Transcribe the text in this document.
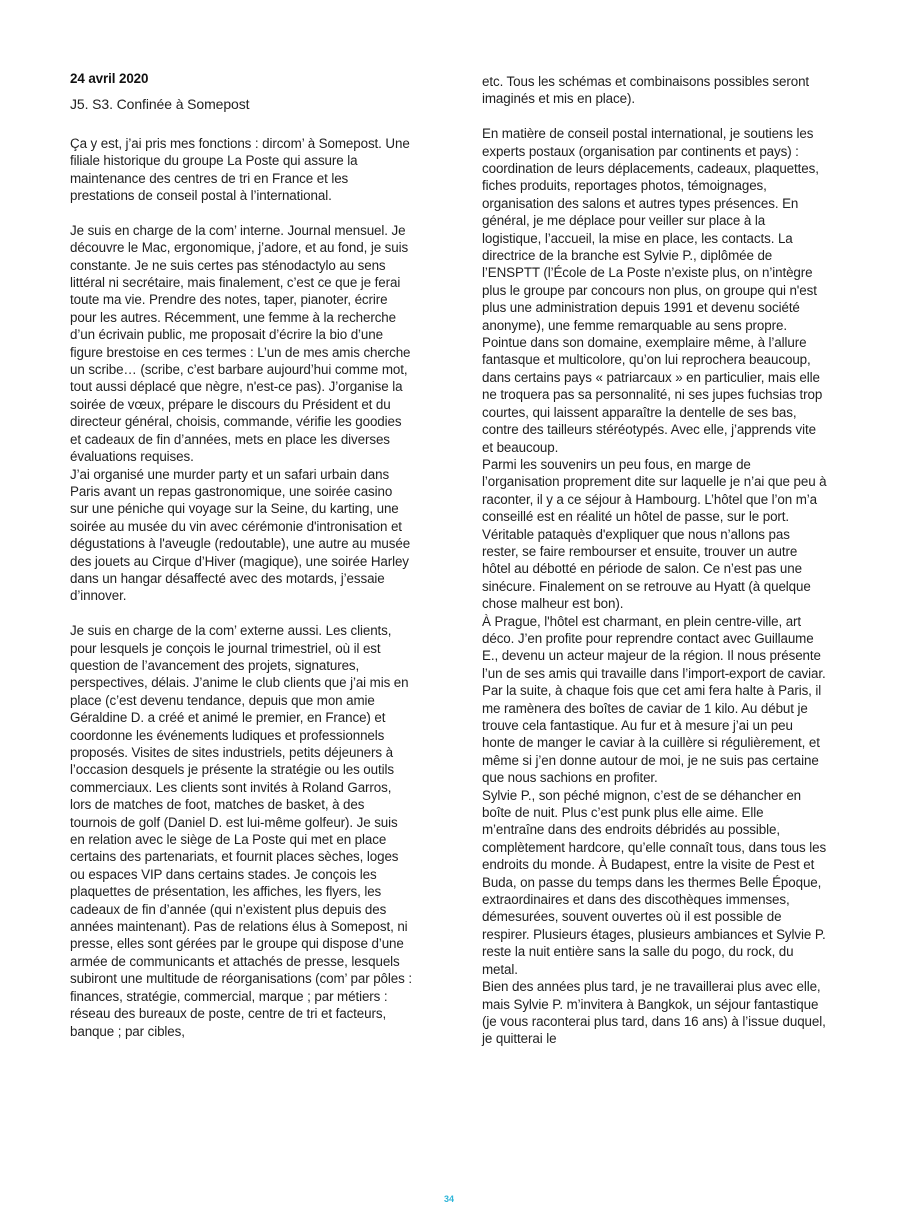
24 avril 2020

J5. S3. Confinée à Somepost

Ça y est, j’ai pris mes fonctions : dircom’ à Somepost. Une filiale historique du groupe La Poste qui assure la maintenance des centres de tri en France et les prestations de conseil postal à l’international.

Je suis en charge de la com’ interne. Journal mensuel. Je découvre le Mac, ergonomique, j’adore, et au fond, je suis constante. Je ne suis certes pas sténodactylo au sens littéral ni secrétaire, mais finalement, c’est ce que je ferai toute ma vie. Prendre des notes, taper, pianoter, écrire pour les autres. Récemment, une femme à la recherche d’un écrivain public, me proposait d’écrire la bio d’une figure brestoise en ces termes : L’un de mes amis cherche un scribe… (scribe, c’est barbare aujourd’hui comme mot, tout aussi déplacé que nègre, n'est-ce pas). J’organise la soirée de vœux, prépare le discours du Président et du directeur général, choisis, commande, vérifie les goodies et cadeaux de fin d’années, mets en place les diverses évaluations requises.

J’ai organisé une murder party et un safari urbain dans Paris avant un repas gastronomique, une soirée casino sur une péniche qui voyage sur la Seine, du karting, une soirée au musée du vin avec cérémonie d'intronisation et dégustations à l'aveugle (redoutable), une autre au musée des jouets au Cirque d’Hiver (magique), une soirée Harley dans un hangar désaffecté avec des motards, j’essaie d’innover.

Je suis en charge de la com’ externe aussi. Les clients, pour lesquels je conçois le journal trimestriel, où il est question de l’avancement des projets, signatures, perspectives, délais. J’anime le club clients que j’ai mis en place (c’est devenu tendance, depuis que mon amie Géraldine D. a créé et animé le premier, en France) et coordonne les événements ludiques et professionnels proposés. Visites de sites industriels, petits déjeuners à l’occasion desquels je présente la stratégie ou les outils commerciaux. Les clients sont invités à Roland Garros, lors de matches de foot, matches de basket, à des tournois de golf (Daniel D. est lui-même golfeur). Je suis en relation avec le siège de La Poste qui met en place certains des partenariats, et fournit places sèches, loges ou espaces VIP dans certains stades. Je conçois les plaquettes de présentation, les affiches, les flyers, les cadeaux de fin d’année (qui n’existent plus depuis des années maintenant). Pas de relations élus à Somepost, ni presse, elles sont gérées par le groupe qui dispose d’une armée de communicants et attachés de presse, lesquels subiront une multitude de réorganisations (com’ par pôles : finances, stratégie, commercial, marque ; par métiers : réseau des bureaux de poste, centre de tri et facteurs, banque ; par cibles,

etc. Tous les schémas et combinaisons possibles seront imaginés et mis en place).

En matière de conseil postal international, je soutiens les experts postaux (organisation par continents et pays) : coordination de leurs déplacements, cadeaux, plaquettes, fiches produits, reportages photos, témoignages, organisation des salons et autres types présences. En général, je me déplace pour veiller sur place à la logistique, l’accueil, la mise en place, les contacts. La directrice de la branche est Sylvie P., diplômée de l’ENSPTT (l’École de La Poste n’existe plus, on n’intègre plus le groupe par concours non plus, on groupe qui n'est plus une administration depuis 1991 et devenu société anonyme), une femme remarquable au sens propre. Pointue dans son domaine, exemplaire même, à l’allure fantasque et multicolore, qu’on lui reprochera beaucoup, dans certains pays « patriarcaux » en particulier, mais elle ne troquera pas sa personnalité, ni ses jupes fuchsias trop courtes, qui laissent apparaître la dentelle de ses bas, contre des tailleurs stéréotypés. Avec elle, j’apprends vite et beaucoup.

Parmi les souvenirs un peu fous, en marge de l’organisation proprement dite sur laquelle je n’ai que peu à raconter, il y a ce séjour à Hambourg. L’hôtel que l’on m’a conseillé est en réalité un hôtel de passe, sur le port. Véritable pataquès d'expliquer que nous n’allons pas rester, se faire rembourser et ensuite, trouver un autre hôtel au débotté en période de salon. Ce n’est pas une sinécure. Finalement on se retrouve au Hyatt (à quelque chose malheur est bon).

À Prague, l'hôtel est charmant, en plein centre-ville, art déco. J’en profite pour reprendre contact avec Guillaume E., devenu un acteur majeur de la région. Il nous présente l’un de ses amis qui travaille dans l’import-export de caviar. Par la suite, à chaque fois que cet ami fera halte à Paris, il me ramènera des boîtes de caviar de 1 kilo. Au début je trouve cela fantastique. Au fur et à mesure j’ai un peu honte de manger le caviar à la cuillère si régulièrement, et même si j’en donne autour de moi, je ne suis pas certaine que nous sachions en profiter.

Sylvie P., son péché mignon, c’est de se déhancher en boîte de nuit. Plus c’est punk plus elle aime. Elle m’entraîne dans des endroits débridés au possible, complètement hardcore, qu’elle connaît tous, dans tous les endroits du monde. À Budapest, entre la visite de Pest et Buda, on passe du temps dans les thermes Belle Époque, extraordinaires et dans des discothèques immenses, démesurées, souvent ouvertes où il est possible de respirer. Plusieurs étages, plusieurs ambiances et Sylvie P. reste la nuit entière sans la salle du pogo, du rock, du metal.

Bien des années plus tard, je ne travaillerai plus avec elle, mais Sylvie P. m’invitera à Bangkok, un séjour fantastique (je vous raconterai plus tard, dans 16 ans) à l’issue duquel, je quitterai le

34
